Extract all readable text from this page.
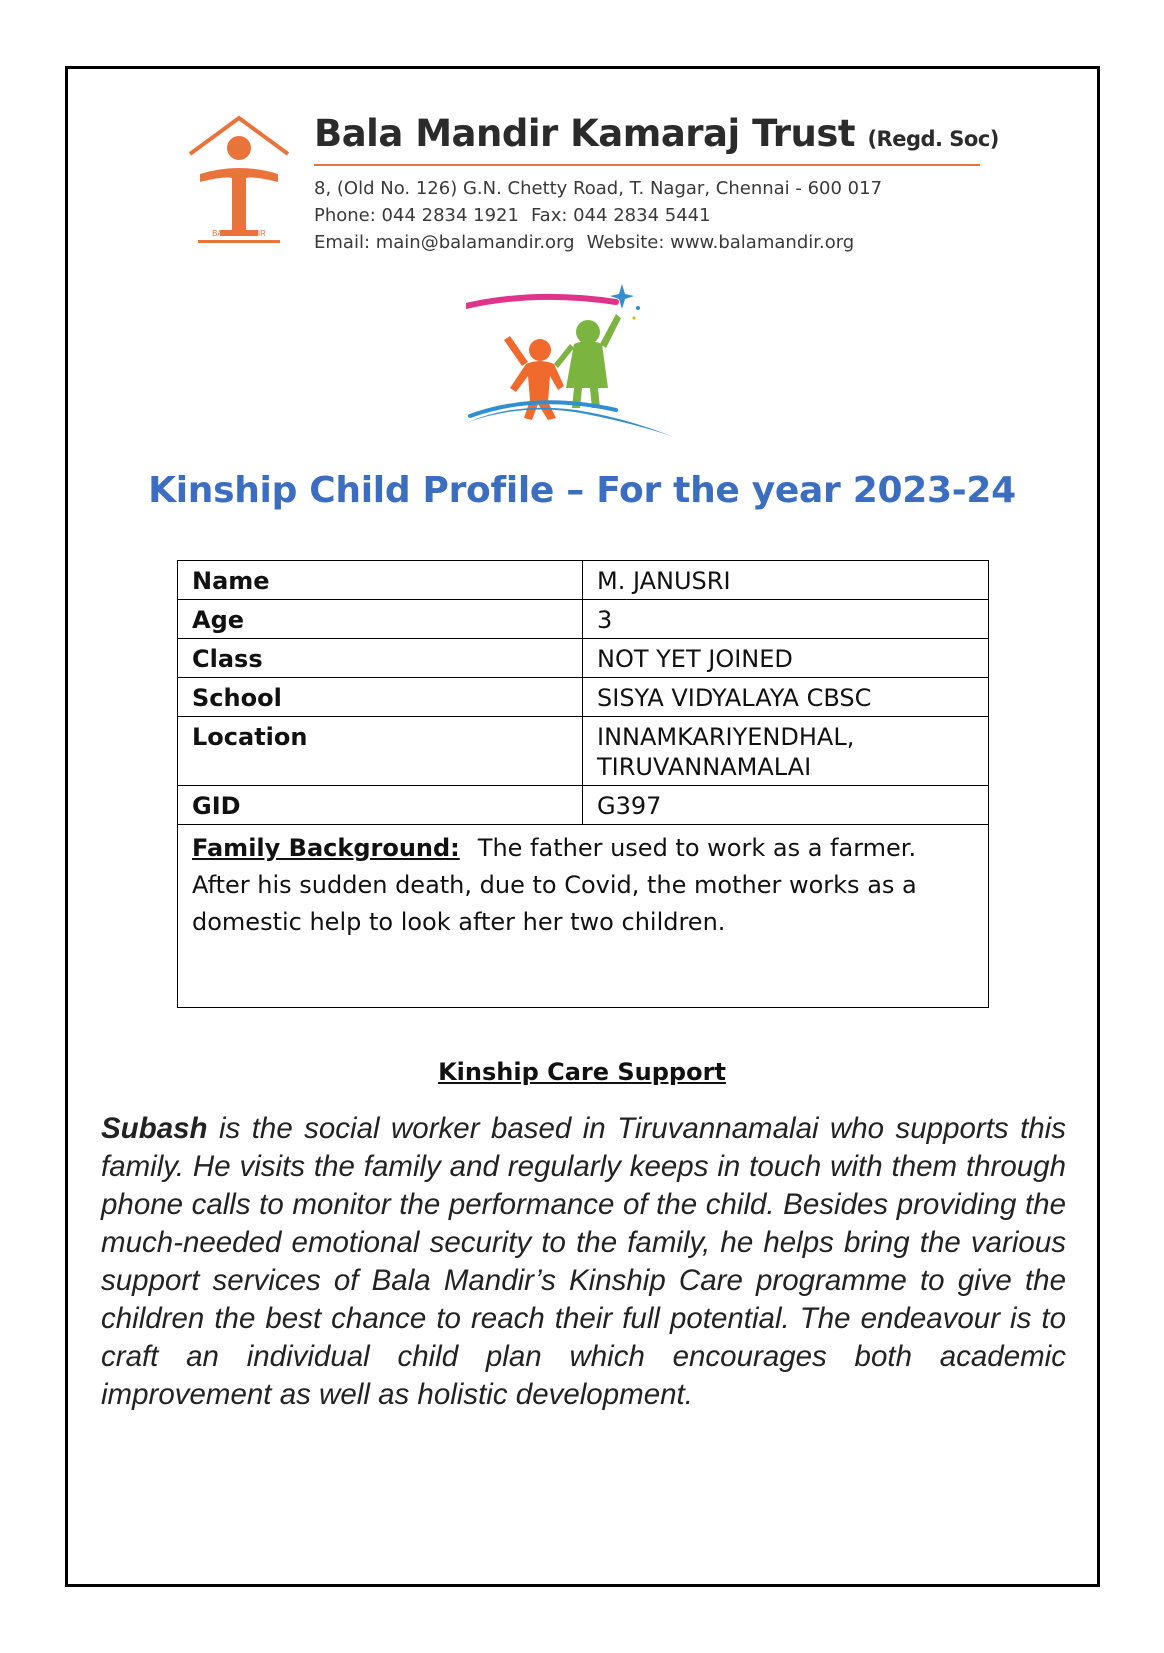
BALA MANDIR
Bala Mandir Kamaraj Trust (Regd. Soc)
8, (Old No. 126) G.N. Chetty Road, T. Nagar, Chennai - 600 017
Phone: 044 2834 1921 Fax: 044 2834 5441
Email: main@balamandir.org Website: www.balamandir.org
Kinship Child Profile – For the year 2023-24
Name	M. JANUSRI
Age	3
Class	NOT YET JOINED
School	SISYA VIDYALAYA CBSC
Location	INNAMKARIYENDHAL,
TIRUVANNAMALAI

GID	G397
Family Background: The father used to work as a farmer. After his sudden death, due to Covid, the mother works as a domestic help to look after her two children.	
Kinship Care Support

Subash is the social worker based in Tiruvannamalai who supports this family. He visits the family and regularly keeps in touch with them through phone calls to monitor the performance of the child. Besides providing the much-needed emotional security to the family, he helps bring the various support services of Bala Mandir’s Kinship Care programme to give the children the best chance to reach their full potential. The endeavour is to craft an individual child plan which encourages both academic improvement as well as holistic development.
